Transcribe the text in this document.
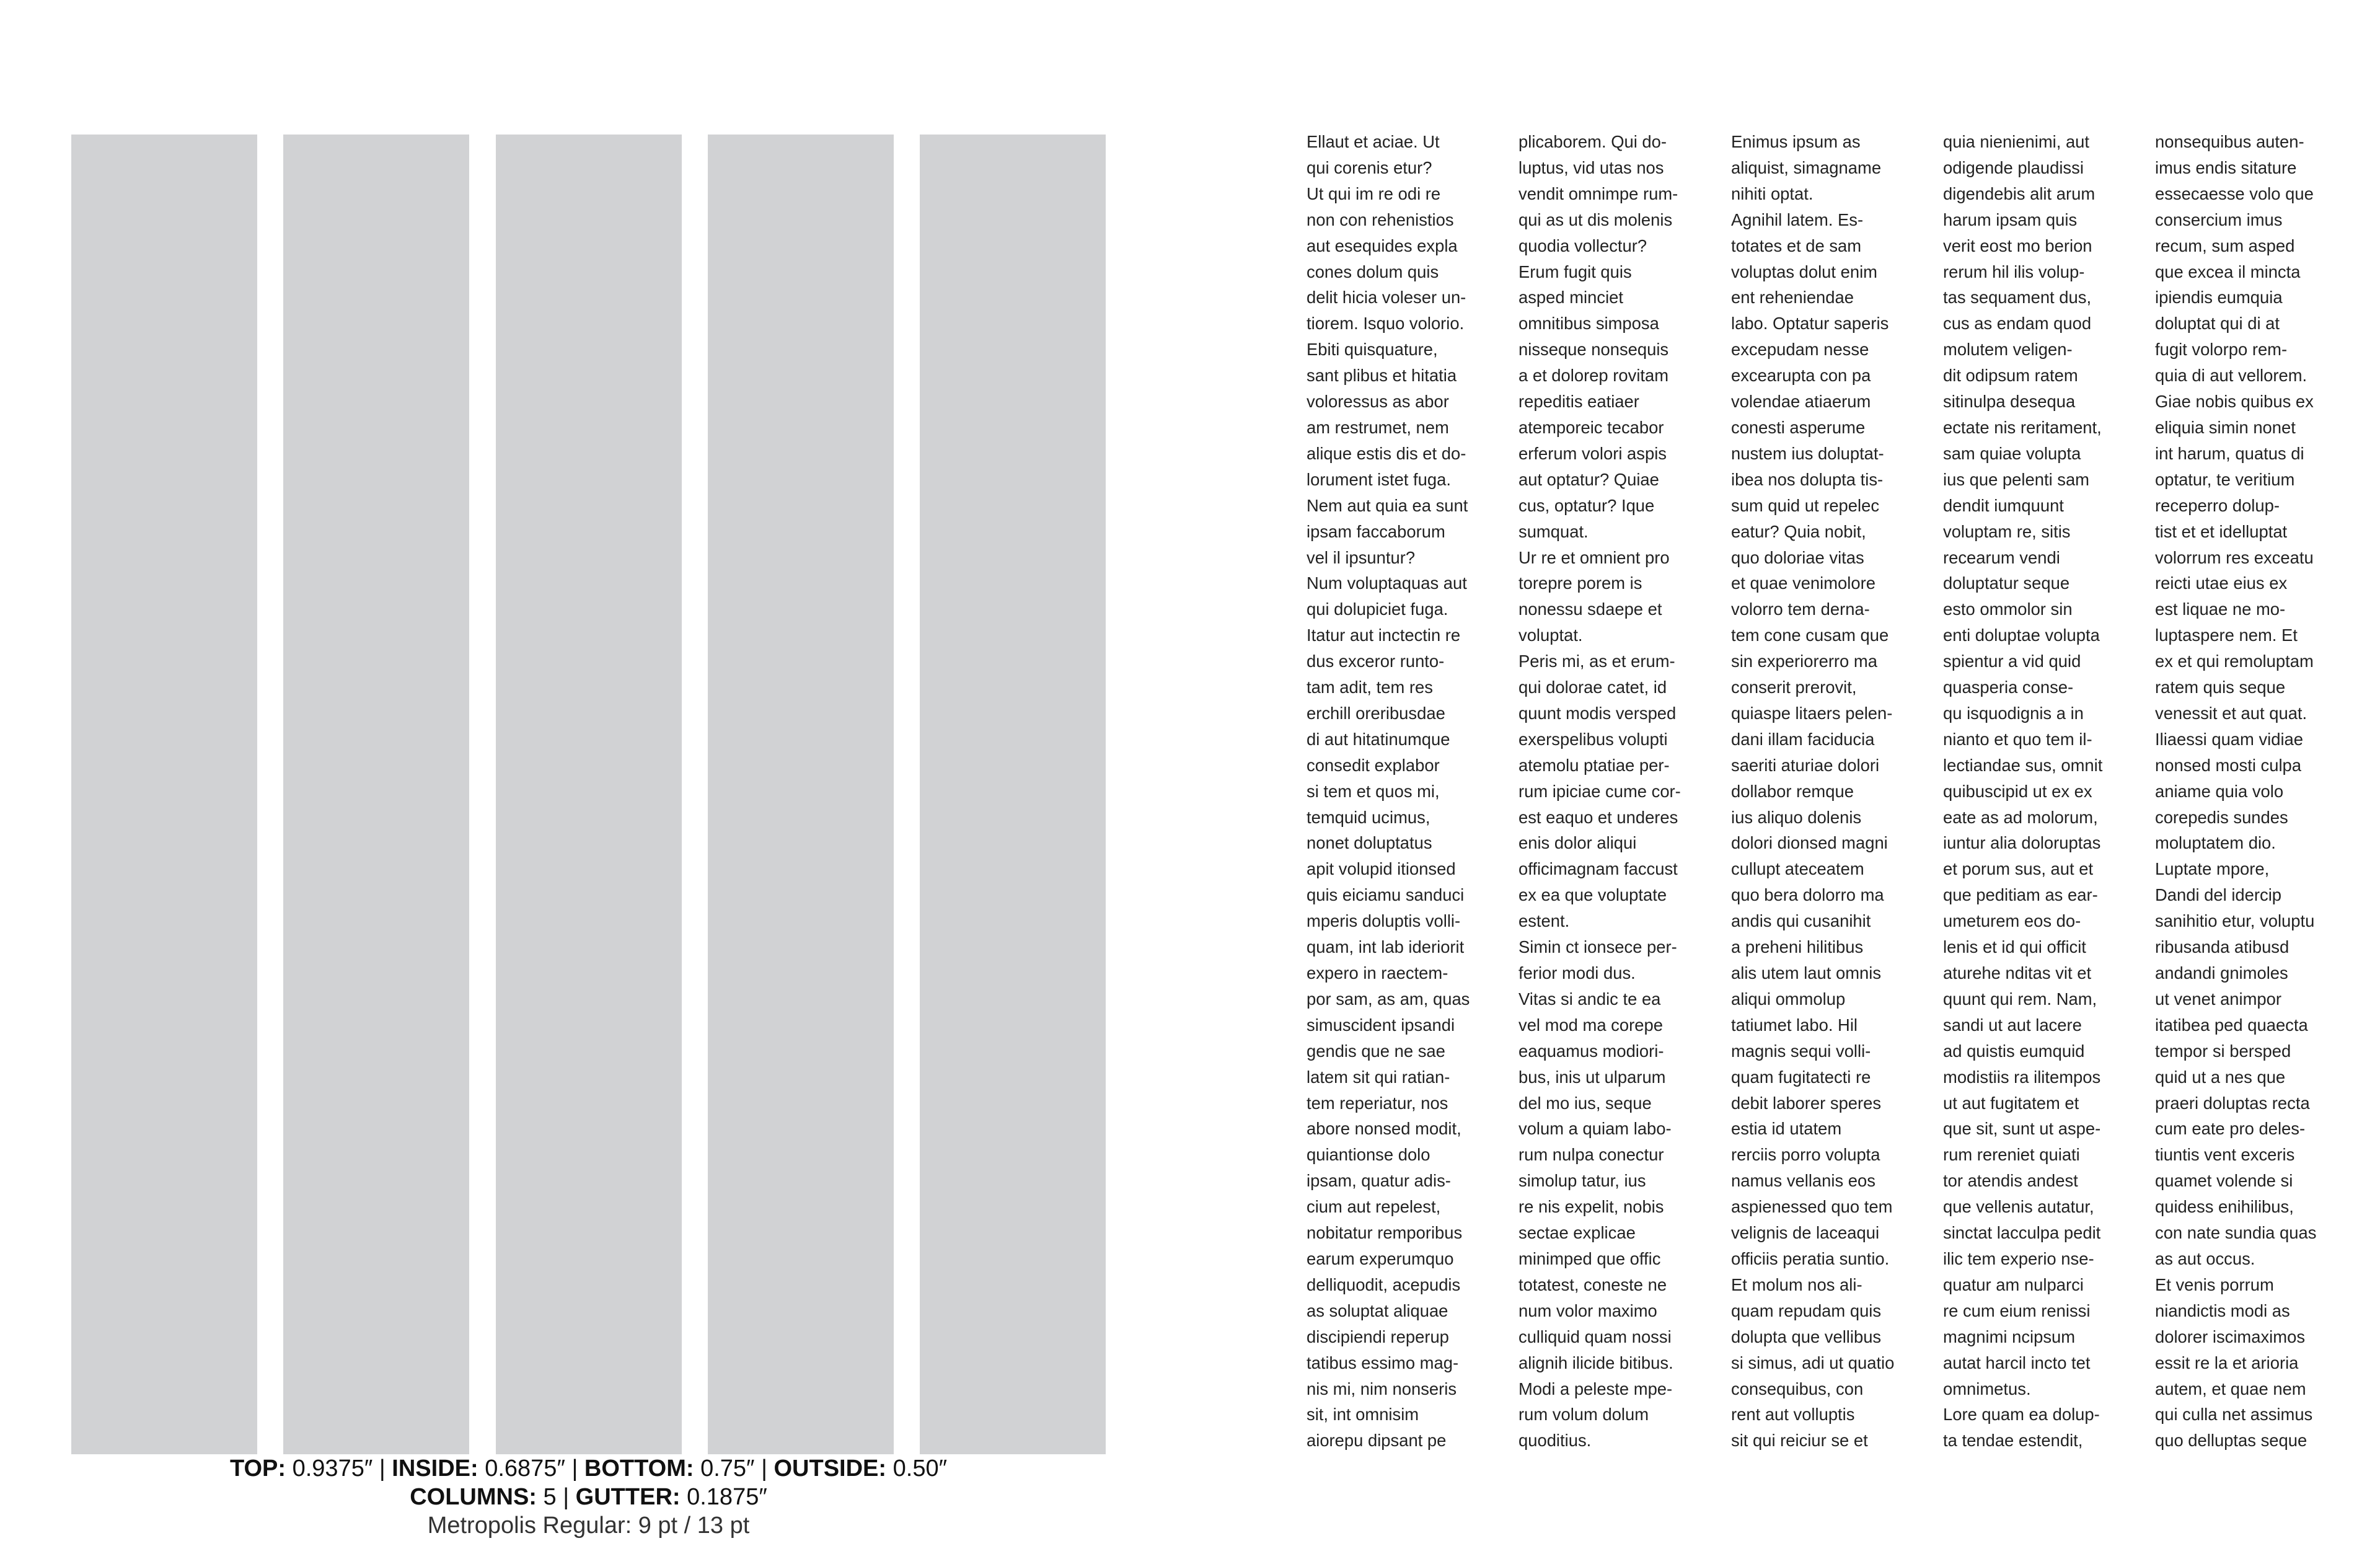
TOP: 0.9375″ | INSIDE: 0.6875″ | BOTTOM: 0.75″ | OUTSIDE: 0.50″
COLUMNS: 5 | GUTTER: 0.1875″
Metropolis Regular: 9 pt / 13 pt
Ellaut et aciae. Ut
qui corenis etur?
Ut qui im re odi re
non con rehenistios
aut esequides expla
cones dolum quis
delit hicia voleser un-
tiorem. Isquo volorio.
Ebiti quisquature,
sant plibus et hitatia
voloressus as abor
am restrumet, nem
alique estis dis et do-
lorument istet fuga.
Nem aut quia ea sunt
ipsam faccaborum
vel il ipsuntur?
Num voluptaquas aut
qui dolupiciet fuga.
Itatur aut inctectin re
dus exceror runto-
tam adit, tem res
erchill oreribusdae
di aut hitatinumque
consedit explabor
si tem et quos mi,
temquid ucimus,
nonet doluptatus
apit volupid itionsed
quis eiciamu sanduci
mperis doluptis volli-
quam, int lab ideriorit
expero in raectem-
por sam, as am, quas
simuscident ipsandi
gendis que ne sae
latem sit qui ratian-
tem reperiatur, nos
abore nonsed modit,
quiantionse dolo
ipsam, quatur adis-
cium aut repelest,
nobitatur remporibus
earum experumquo
delliquodit, acepudis
as soluptat aliquae
discipiendi reperup
tatibus essimo mag-
nis mi, nim nonseris
sit, int omnisim
aiorepu dipsant pe
plicaborem. Qui do-
luptus, vid utas nos
vendit omnimpe rum-
qui as ut dis molenis
quodia vollectur?
Erum fugit quis
asped minciet
omnitibus simposa
nisseque nonsequis
a et dolorep rovitam
repeditis eatiaer
atemporeic tecabor
erferum volori aspis
aut optatur? Quiae
cus, optatur? Ique
sumquat.
Ur re et omnient pro
torepre porem is
nonessu sdaepe et
voluptat.
Peris mi, as et erum-
qui dolorae catet, id
quunt modis versped
exerspelibus volupti
atemolu ptatiae per-
rum ipiciae cume cor-
est eaquo et underes
enis dolor aliqui
officimagnam faccust
ex ea que voluptate
estent.
Simin ct ionsece per-
ferior modi dus.
Vitas si andic te ea
vel mod ma corepe
eaquamus modiori-
bus, inis ut ulparum
del mo ius, seque
volum a quiam labo-
rum nulpa conectur
simolup tatur, ius
re nis expelit, nobis
sectae explicae
minimped que offic
totatest, coneste ne
num volor maximo
culliquid quam nossi
alignih ilicide bitibus.
Modi a peleste mpe-
rum volum dolum
quoditius.
Enimus ipsum as
aliquist, simagname
nihiti optat.
Agnihil latem. Es-
totates et de sam
voluptas dolut enim
ent reheniendae
labo. Optatur saperis
excepudam nesse
excearupta con pa
volendae atiaerum
conesti asperume
nustem ius doluptat-
ibea nos dolupta tis-
sum quid ut repelec
eatur? Quia nobit,
quo doloriae vitas
et quae venimolore
volorro tem derna-
tem cone cusam que
sin experiorerro ma
conserit prerovit,
quiaspe litaers pelen-
dani illam faciducia
saeriti aturiae dolori
dollabor remque
ius aliquo dolenis
dolori dionsed magni
cullupt ateceatem
quo bera dolorro ma
andis qui cusanihit
a preheni hilitibus
alis utem laut omnis
aliqui ommolup
tatiumet labo. Hil
magnis sequi volli-
quam fugitatecti re
debit laborer speres
estia id utatem
rerciis porro volupta
namus vellanis eos
aspienessed quo tem
velignis de laceaqui
officiis peratia suntio.
Et molum nos ali-
quam repudam quis
dolupta que vellibus
si simus, adi ut quatio
consequibus, con
rent aut volluptis
sit qui reiciur se et
quia nienienimi, aut
odigende plaudissi
digendebis alit arum
harum ipsam quis
verit eost mo berion
rerum hil ilis volup-
tas sequament dus,
cus as endam quod
molutem veligen-
dit odipsum ratem
sitinulpa desequa
ectate nis reritament,
sam quiae volupta
ius que pelenti sam
dendit iumquunt
voluptam re, sitis
recearum vendi
doluptatur seque
esto ommolor sin
enti doluptae volupta
spientur a vid quid
quasperia conse-
qu isquodignis a in
nianto et quo tem il-
lectiandae sus, omnit
quibuscipid ut ex ex
eate as ad molorum,
iuntur alia doloruptas
et porum sus, aut et
que peditiam as ear-
umeturem eos do-
lenis et id qui officit
aturehe nditas vit et
quunt qui rem. Nam,
sandi ut aut lacere
ad quistis eumquid
modistiis ra ilitempos
ut aut fugitatem et
que sit, sunt ut aspe-
rum rereniet quiati
tor atendis andest
que vellenis autatur,
sinctat lacculpa pedit
ilic tem experio nse-
quatur am nulparci
re cum eium renissi
magnimi ncipsum
autat harcil incto tet
omnimetus.
Lore quam ea dolup-
ta tendae estendit,
nonsequibus auten-
imus endis sitature
essecaesse volo que
consercium imus
recum, sum asped
que excea il mincta
ipiendis eumquia
doluptat qui di at
fugit volorpo rem-
quia di aut vellorem.
Giae nobis quibus ex
eliquia simin nonet
int harum, quatus di
optatur, te veritium
receperro dolup-
tist et et idelluptat
volorrum res exceatu
reicti utae eius ex
est liquae ne mo-
luptaspere nem. Et
ex et qui remoluptam
ratem quis seque
venessit et aut quat.
Iliaessi quam vidiae
nonsed mosti culpa
aniame quia volo
corepedis sundes
moluptatem dio.
Luptate mpore,
Dandi del idercip
sanihitio etur, voluptu
ribusanda atibusd
andandi gnimoles
ut venet animpor
itatibea ped quaecta
tempor si bersped
quid ut a nes que
praeri doluptas recta
cum eate pro deles-
tiuntis vent exceris
quamet volende si
quidess enihilibus,
con nate sundia quas
as aut occus.
Et venis porrum
niandictis modi as
dolorer iscimaximos
essit re la et arioria
autem, et quae nem
qui culla net assimus
quo delluptas seque
